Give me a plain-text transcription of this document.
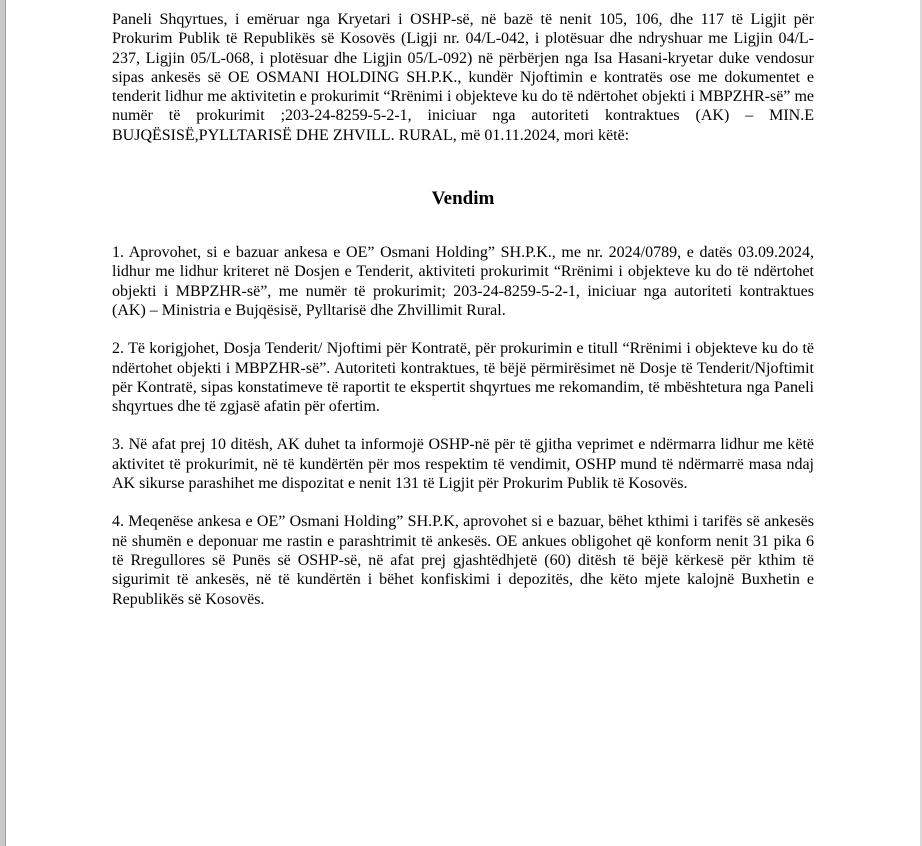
Paneli Shqyrtues, i emëruar nga Kryetari i OSHP-së, në bazë të nenit 105, 106, dhe 117 të Ligjit për Prokurim Publik të Republikës së Kosovës (Ligji nr. 04/L-042, i plotësuar dhe ndryshuar me Ligjin 04/L-237, Ligjin 05/L-068, i plotësuar dhe Ligjin 05/L-092) në përbërjen nga Isa Hasani-kryetar duke vendosur sipas ankesës së OE OSMANI HOLDING SH.P.K., kundër Njoftimin e kontratës ose me dokumentet e tenderit lidhur me aktivitetin e prokurimit “Rrënimi i objekteve ku do të ndërtohet objekti i MBPZHR-së” me numër të prokurimit ;203-24-8259-5-2-1, iniciuar nga autoriteti kontraktues (AK) – MIN.E BUJQËSISË,PYLLTARISË DHE ZHVILL. RURAL, më 01.11.2024, mori këtë:

Vendim

1. Aprovohet, si e bazuar ankesa e OE” Osmani Holding” SH.P.K., me nr. 2024/0789, e datës 03.09.2024, lidhur me lidhur kriteret në Dosjen e Tenderit, aktiviteti prokurimit “Rrënimi i objekteve ku do të ndërtohet objekti i MBPZHR-së”, me numër të prokurimit; 203-24-8259-5-2-1, iniciuar nga autoriteti kontraktues (AK) – Ministria e Bujqësisë, Pylltarisë dhe Zhvillimit Rural.

2. Të korigjohet, Dosja Tenderit/ Njoftimi për Kontratë, për prokurimin e titull “Rrënimi i objekteve ku do të ndërtohet objekti i MBPZHR-së”. Autoriteti kontraktues, të bëjë përmirësimet në Dosje të Tenderit/Njoftimit për Kontratë, sipas konstatimeve të raportit te ekspertit shqyrtues me rekomandim, të mbështetura nga Paneli shqyrtues dhe të zgjasë afatin për ofertim.

3. Në afat prej 10 ditësh, AK duhet ta informojë OSHP-në për të gjitha veprimet e ndërmarra lidhur me këtë aktivitet të prokurimit, në të kundërtën për mos respektim të vendimit, OSHP mund të ndërmarrë masa ndaj AK sikurse parashihet me dispozitat e nenit 131 të Ligjit për Prokurim Publik të Kosovës.

4. Meqenëse ankesa e OE” Osmani Holding” SH.P.K, aprovohet si e bazuar, bëhet kthimi i tarifës së ankesës në shumën e deponuar me rastin e parashtrimit të ankesës. OE ankues obligohet që konform nenit 31 pika 6 të Rregullores së Punës së OSHP-së, në afat prej gjashtëdhjetë (60) ditësh të bëjë kërkesë për kthim të sigurimit të ankesës, në të kundërtën i bëhet konfiskimi i depozitës, dhe këto mjete kalojnë Buxhetin e Republikës së Kosovës.
